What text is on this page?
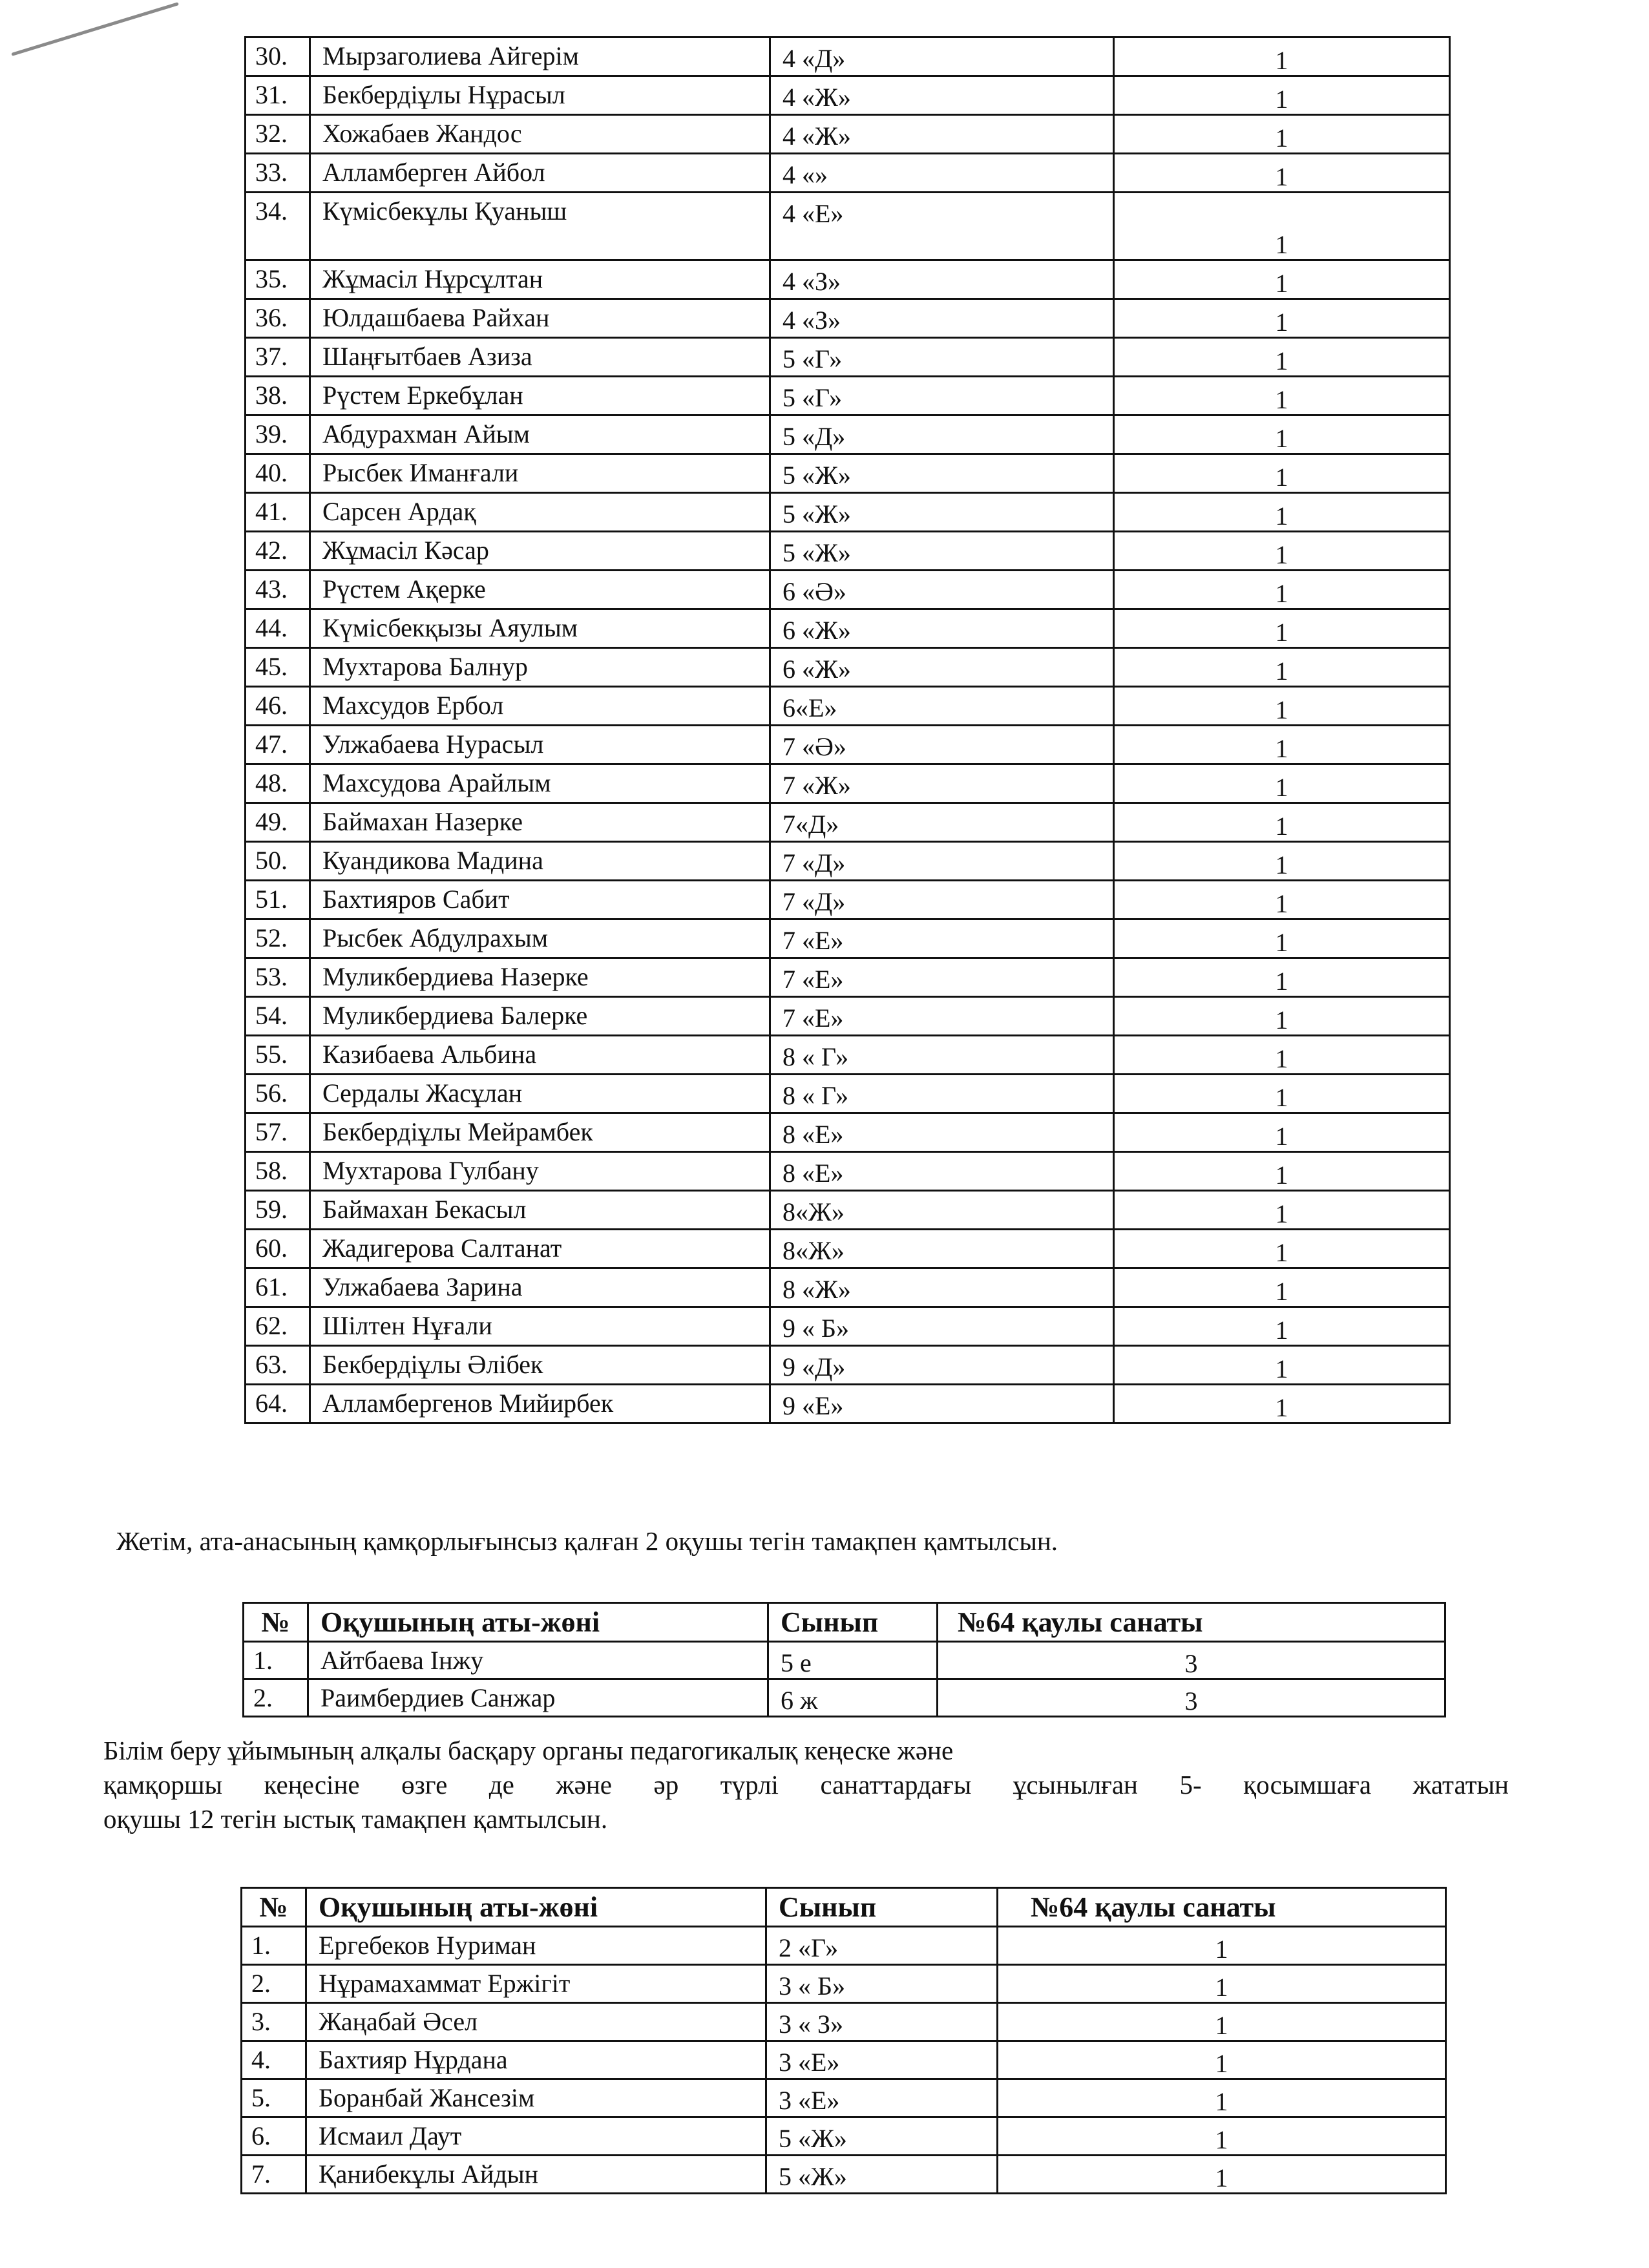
30.	Мырзаголиева Айгерім	4 «Д»	1
31.	Бекбердіұлы Нұрасыл	4 «Ж»	1
32.	Хожабаев Жандос	4 «Ж»	1
33.	Алламберген Айбол	4 «»	1
34.	Күмісбекұлы Қуаныш	4 «Е»	1
35.	Жұмасіл Нұрсұлтан	4 «З»	1
36.	Юлдашбаева Райхан	4 «З»	1
37.	Шаңғытбаев Азиза	5 «Г»	1
38.	Рүстем Еркебұлан	5 «Г»	1
39.	Абдурахман Айым	5 «Д»	1
40.	Рысбек Иманғали	5 «Ж»	1
41.	Сарсен Ардақ	5 «Ж»	1
42.	Жұмасіл Кәсар	5 «Ж»	1
43.	Рүстем Ақерке	6 «Ә»	1
44.	Күмісбекқызы Аяулым	6 «Ж»	1
45.	Мухтарова Балнур	6 «Ж»	1
46.	Махсудов Ербол	6«Е»	1
47.	Улжабаева Нурасыл	7 «Ә»	1
48.	Махсудова Арайлым	7 «Ж»	1
49.	Баймахан Назерке	7«Д»	1
50.	Куандикова Мадина	7 «Д»	1
51.	Бахтияров Сабит	7 «Д»	1
52.	Рысбек Абдулрахым	7 «Е»	1
53.	Муликбердиева Назерке	7 «Е»	1
54.	Муликбердиева Балерке	7 «Е»	1
55.	Казибаева Альбина	8 « Г»	1
56.	Сердалы Жасұлан	8 « Г»	1
57.	Бекбердіұлы Мейрамбек	8 «Е»	1
58.	Мухтарова Гулбану	8 «Е»	1
59.	Баймахан Бекасыл	8«Ж»	1
60.	Жадигерова Салтанат	8«Ж»	1
61.	Улжабаева Зарина	8 «Ж»	1
62.	Шілтен Нұғали	9 « Б»	1
63.	Бекбердіұлы Әлібек	9 «Д»	1
64.	Алламбергенов Мийирбек	9 «Е»	1
Жетім, ата-анасының қамқорлығынсыз қалған 2 оқушы тегін тамақпен қамтылсын.
№	Оқушының аты-жөні	Сынып	№64 қаулы санаты
1.	Айтбаева Інжу	5 е	3
2.	Раимбердиев Санжар	6 ж	3
Білім беру ұйымының алқалы басқару органы педагогикалық кеңеске және
қамқоршы кеңесіне өзге де және әр түрлі санаттардағы ұсынылған 5- қосымшаға жататын
оқушы 12 тегін ыстық тамақпен қамтылсын.
№	Оқушының аты-жөні	Сынып	№64 қаулы санаты
1.	Ергебеков Нуриман	2 «Г»	1
2.	Нұрамахаммат Ержігіт	3 « Б»	1
3.	Жаңабай Әсел	3 « З»	1
4.	Бахтияр Нұрдана	3 «Е»	1
5.	Боранбай Жансезім	3 «Е»	1
6.	Исмаил Даут	5 «Ж»	1
7.	Қанибекұлы Айдын	5 «Ж»	1
